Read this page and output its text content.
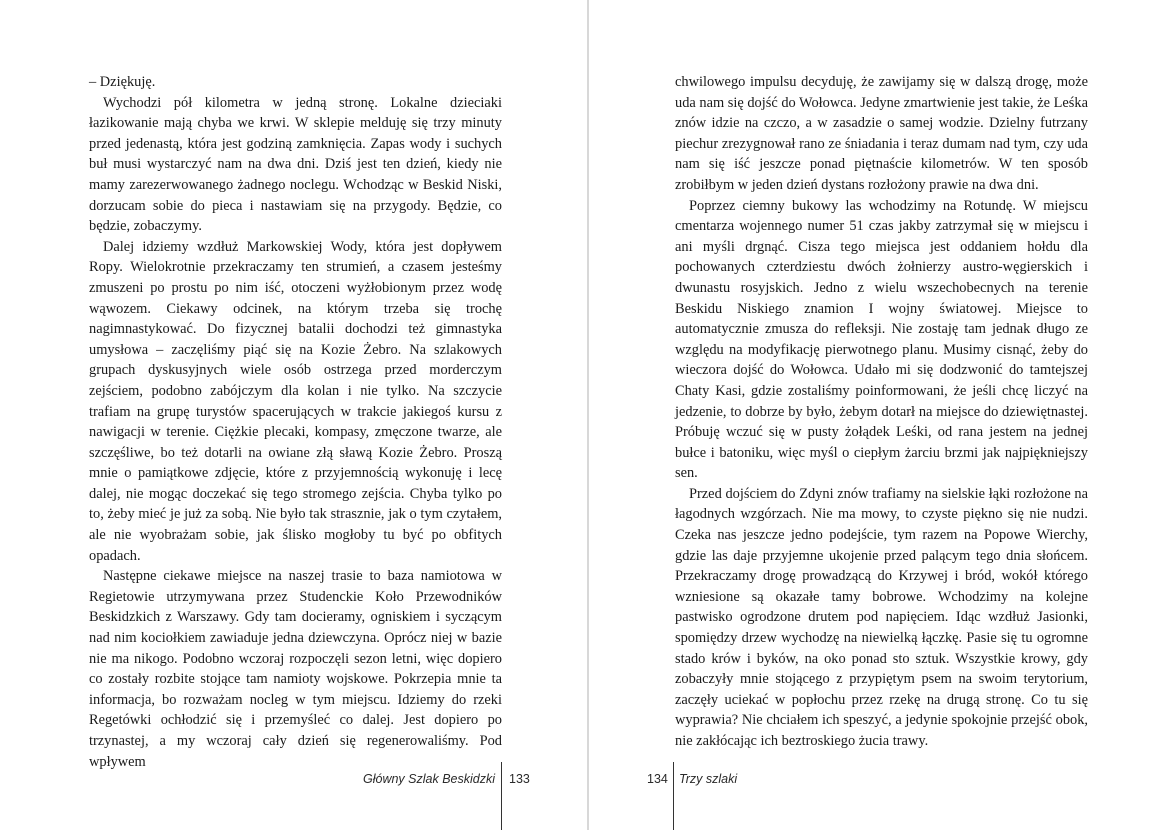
– Dziękuję.

Wychodzi pół kilometra w jedną stronę. Lokalne dzieciaki łazikowanie mają chyba we krwi. W sklepie melduję się trzy minuty przed jedenastą, która jest godziną zamknięcia. Zapas wody i suchych buł musi wystarczyć nam na dwa dni. Dziś jest ten dzień, kiedy nie mamy zarezerwowanego żadnego noclegu. Wchodząc w Beskid Niski, dorzucam sobie do pieca i nastawiam się na przygody. Będzie, co będzie, zobaczymy.

Dalej idziemy wzdłuż Markowskiej Wody, która jest dopływem Ropy. Wielokrotnie przekraczamy ten strumień, a czasem jesteśmy zmuszeni po prostu po nim iść, otoczeni wyżłobionym przez wodę wąwozem. Ciekawy odcinek, na którym trzeba się trochę nagimnastykować. Do fizycznej batalii dochodzi też gimnastyka umysłowa – zaczęliśmy piąć się na Kozie Żebro. Na szlakowych grupach dyskusyjnych wiele osób ostrzega przed morderczym zejściem, podobno zabójczym dla kolan i nie tylko. Na szczycie trafiam na grupę turystów spacerujących w trakcie jakiegoś kursu z nawigacji w terenie. Ciężkie plecaki, kompasy, zmęczone twarze, ale szczęśliwe, bo też dotarli na owiane złą sławą Kozie Żebro. Proszą mnie o pamiątkowe zdjęcie, które z przyjemnością wykonuję i lecę dalej, nie mogąc doczekać się tego stromego zejścia. Chyba tylko po to, żeby mieć je już za sobą. Nie było tak strasznie, jak o tym czytałem, ale nie wyobrażam sobie, jak ślisko mogłoby tu być po obfitych opadach.

Następne ciekawe miejsce na naszej trasie to baza namiotowa w Regietowie utrzymywana przez Studenckie Koło Przewodników Beskidzkich z Warszawy. Gdy tam docieramy, ogniskiem i syczącym nad nim kociołkiem zawiaduje jedna dziewczyna. Oprócz niej w bazie nie ma nikogo. Podobno wczoraj rozpoczęli sezon letni, więc dopiero co zostały rozbite stojące tam namioty wojskowe. Pokrzepia mnie ta informacja, bo rozważam nocleg w tym miejscu. Idziemy do rzeki Regetówki ochłodzić się i przemyśleć co dalej. Jest dopiero po trzynastej, a my wczoraj cały dzień się regenerowaliśmy. Pod wpływem

Główny Szlak Beskidzki 133

chwilowego impulsu decyduję, że zawijamy się w dalszą drogę, może uda nam się dojść do Wołowca. Jedyne zmartwienie jest takie, że Leśka znów idzie na czczo, a w zasadzie o samej wodzie. Dzielny futrzany piechur zrezygnował rano ze śniadania i teraz dumam nad tym, czy uda nam się iść jeszcze ponad piętnaście kilometrów. W ten sposób zrobiłbym w jeden dzień dystans rozłożony prawie na dwa dni.

Poprzez ciemny bukowy las wchodzimy na Rotundę. W miejscu cmentarza wojennego numer 51 czas jakby zatrzymał się w miejscu i ani myśli drgnąć. Cisza tego miejsca jest oddaniem hołdu dla pochowanych czterdziestu dwóch żołnierzy austro-węgierskich i dwunastu rosyjskich. Jedno z wielu wszechobecnych na terenie Beskidu Niskiego znamion I wojny światowej. Miejsce to automatycznie zmusza do refleksji. Nie zostaję tam jednak długo ze względu na modyfikację pierwotnego planu. Musimy cisnąć, żeby do wieczora dojść do Wołowca. Udało mi się dodzwonić do tamtejszej Chaty Kasi, gdzie zostaliśmy poinformowani, że jeśli chcę liczyć na jedzenie, to dobrze by było, żebym dotarł na miejsce do dziewiętnastej. Próbuję wczuć się w pusty żołądek Leśki, od rana jestem na jednej bułce i batoniku, więc myśl o ciepłym żarciu brzmi jak najpiękniejszy sen.

Przed dojściem do Zdyni znów trafiamy na sielskie łąki rozłożone na łagodnych wzgórzach. Nie ma mowy, to czyste piękno się nie nudzi. Czeka nas jeszcze jedno podejście, tym razem na Popowe Wierchy, gdzie las daje przyjemne ukojenie przed palącym tego dnia słońcem. Przekraczamy drogę prowadzącą do Krzywej i bród, wokół którego wzniesione są okazałe tamy bobrowe. Wchodzimy na kolejne pastwisko ogrodzone drutem pod napięciem. Idąc wzdłuż Jasionki, spomiędzy drzew wychodzę na niewielką łączkę. Pasie się tu ogromne stado krów i byków, na oko ponad sto sztuk. Wszystkie krowy, gdy zobaczyły mnie stojącego z przypiętym psem na swoim terytorium, zaczęły uciekać w popłochu przez rzekę na drugą stronę. Co tu się wyprawia? Nie chciałem ich speszyć, a jedynie spokojnie przejść obok, nie zakłócając ich beztroskiego żucia trawy.

134 Trzy szlaki
